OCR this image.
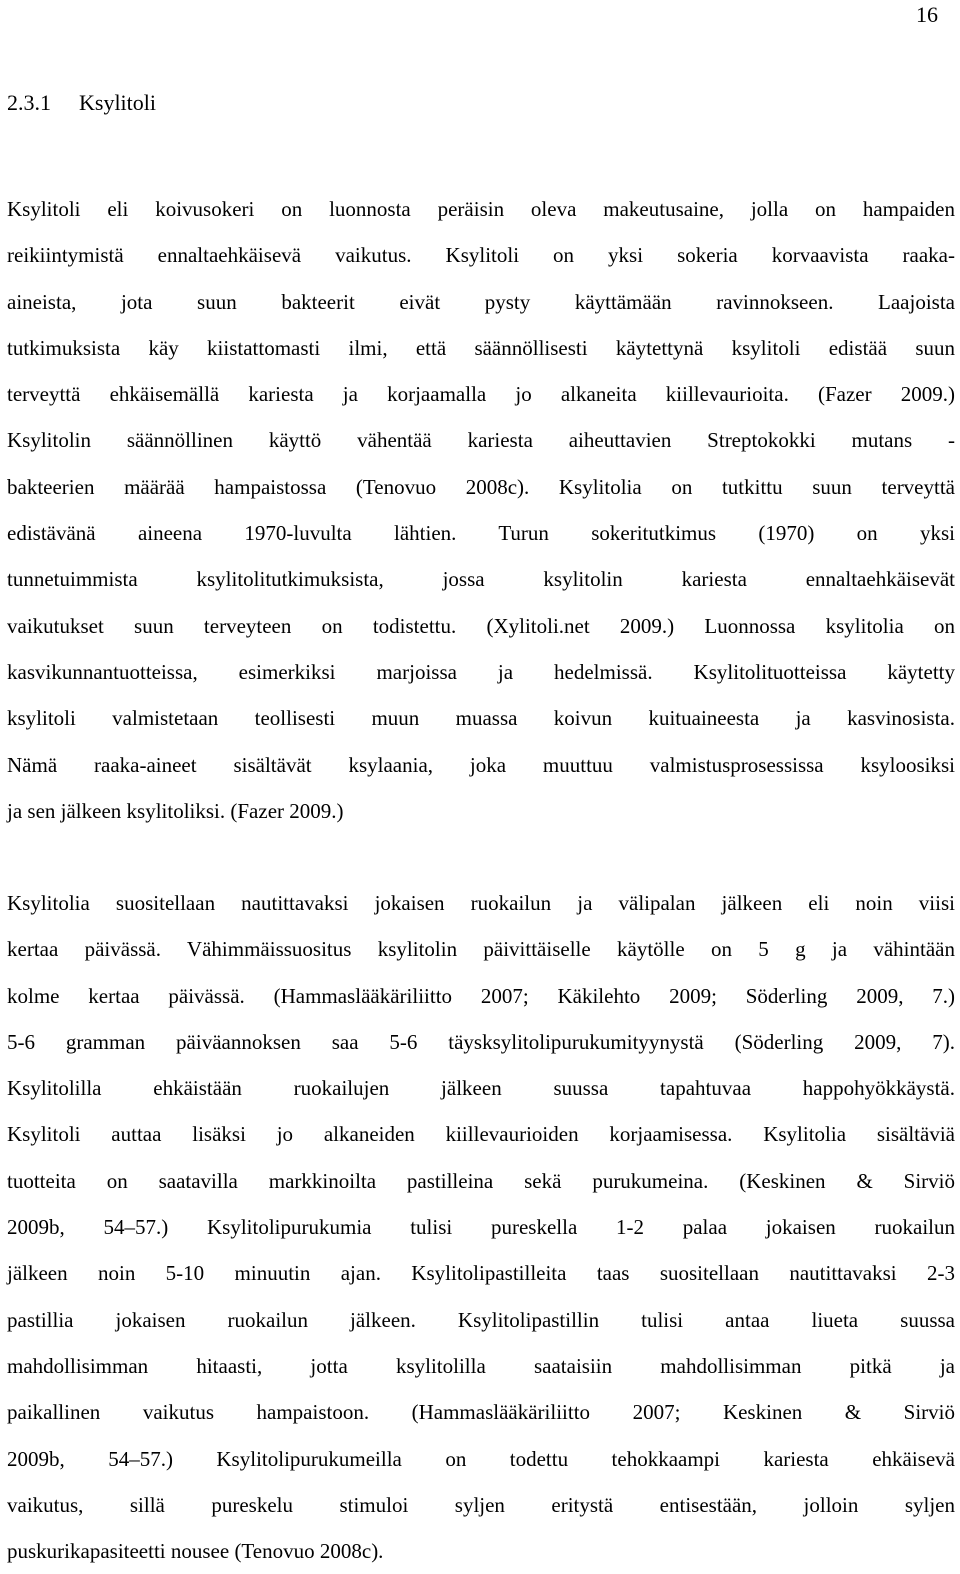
16
2.3.1 Ksylitoli
Ksylitoli eli koivusokeri on luonnosta peräisin oleva makeutusaine, jolla on hampaiden
reikiintymistä ennaltaehkäisevä vaikutus. Ksylitoli on yksi sokeria korvaavista raaka-
aineista, jota suun bakteerit eivät pysty käyttämään ravinnokseen. Laajoista
tutkimuksista käy kiistattomasti ilmi, että säännöllisesti käytettynä ksylitoli edistää suun
terveyttä ehkäisemällä kariesta ja korjaamalla jo alkaneita kiillevaurioita. (Fazer 2009.)
Ksylitolin säännöllinen käyttö vähentää kariesta aiheuttavien Streptokokki mutans -
bakteerien määrää hampaistossa (Tenovuo 2008c). Ksylitolia on tutkittu suun terveyttä
edistävänä aineena 1970-luvulta lähtien. Turun sokeritutkimus (1970) on yksi
tunnetuimmista ksylitolitutkimuksista, jossa ksylitolin kariesta ennaltaehkäisevät
vaikutukset suun terveyteen on todistettu. (Xylitoli.net 2009.) Luonnossa ksylitolia on
kasvikunnantuotteissa, esimerkiksi marjoissa ja hedelmissä. Ksylitolituotteissa käytetty
ksylitoli valmistetaan teollisesti muun muassa koivun kuituaineesta ja kasvinosista.
Nämä raaka-aineet sisältävät ksylaania, joka muuttuu valmistusprosessissa ksyloosiksi
ja sen jälkeen ksylitoliksi. (Fazer 2009.)
Ksylitolia suositellaan nautittavaksi jokaisen ruokailun ja välipalan jälkeen eli noin viisi
kertaa päivässä. Vähimmäissuositus ksylitolin päivittäiselle käytölle on 5 g ja vähintään
kolme kertaa päivässä. (Hammaslääkäriliitto 2007; Käkilehto 2009; Söderling 2009, 7.)
5-6 gramman päiväannoksen saa 5-6 täysksylitolipurukumityynystä (Söderling 2009, 7).
Ksylitolilla ehkäistään ruokailujen jälkeen suussa tapahtuvaa happohyökkäystä.
Ksylitoli auttaa lisäksi jo alkaneiden kiillevaurioiden korjaamisessa. Ksylitolia sisältäviä
tuotteita on saatavilla markkinoilta pastilleina sekä purukumeina. (Keskinen & Sirviö
2009b, 54–57.) Ksylitolipurukumia tulisi pureskella 1-2 palaa jokaisen ruokailun
jälkeen noin 5-10 minuutin ajan. Ksylitolipastilleita taas suositellaan nautittavaksi 2-3
pastillia jokaisen ruokailun jälkeen. Ksylitolipastillin tulisi antaa liueta suussa
mahdollisimman hitaasti, jotta ksylitolilla saataisiin mahdollisimman pitkä ja
paikallinen vaikutus hampaistoon. (Hammaslääkäriliitto 2007; Keskinen & Sirviö
2009b, 54–57.) Ksylitolipurukumeilla on todettu tehokkaampi kariesta ehkäisevä
vaikutus, sillä pureskelu stimuloi syljen eritystä entisestään, jolloin syljen
puskurikapasiteetti nousee (Tenovuo 2008c).
